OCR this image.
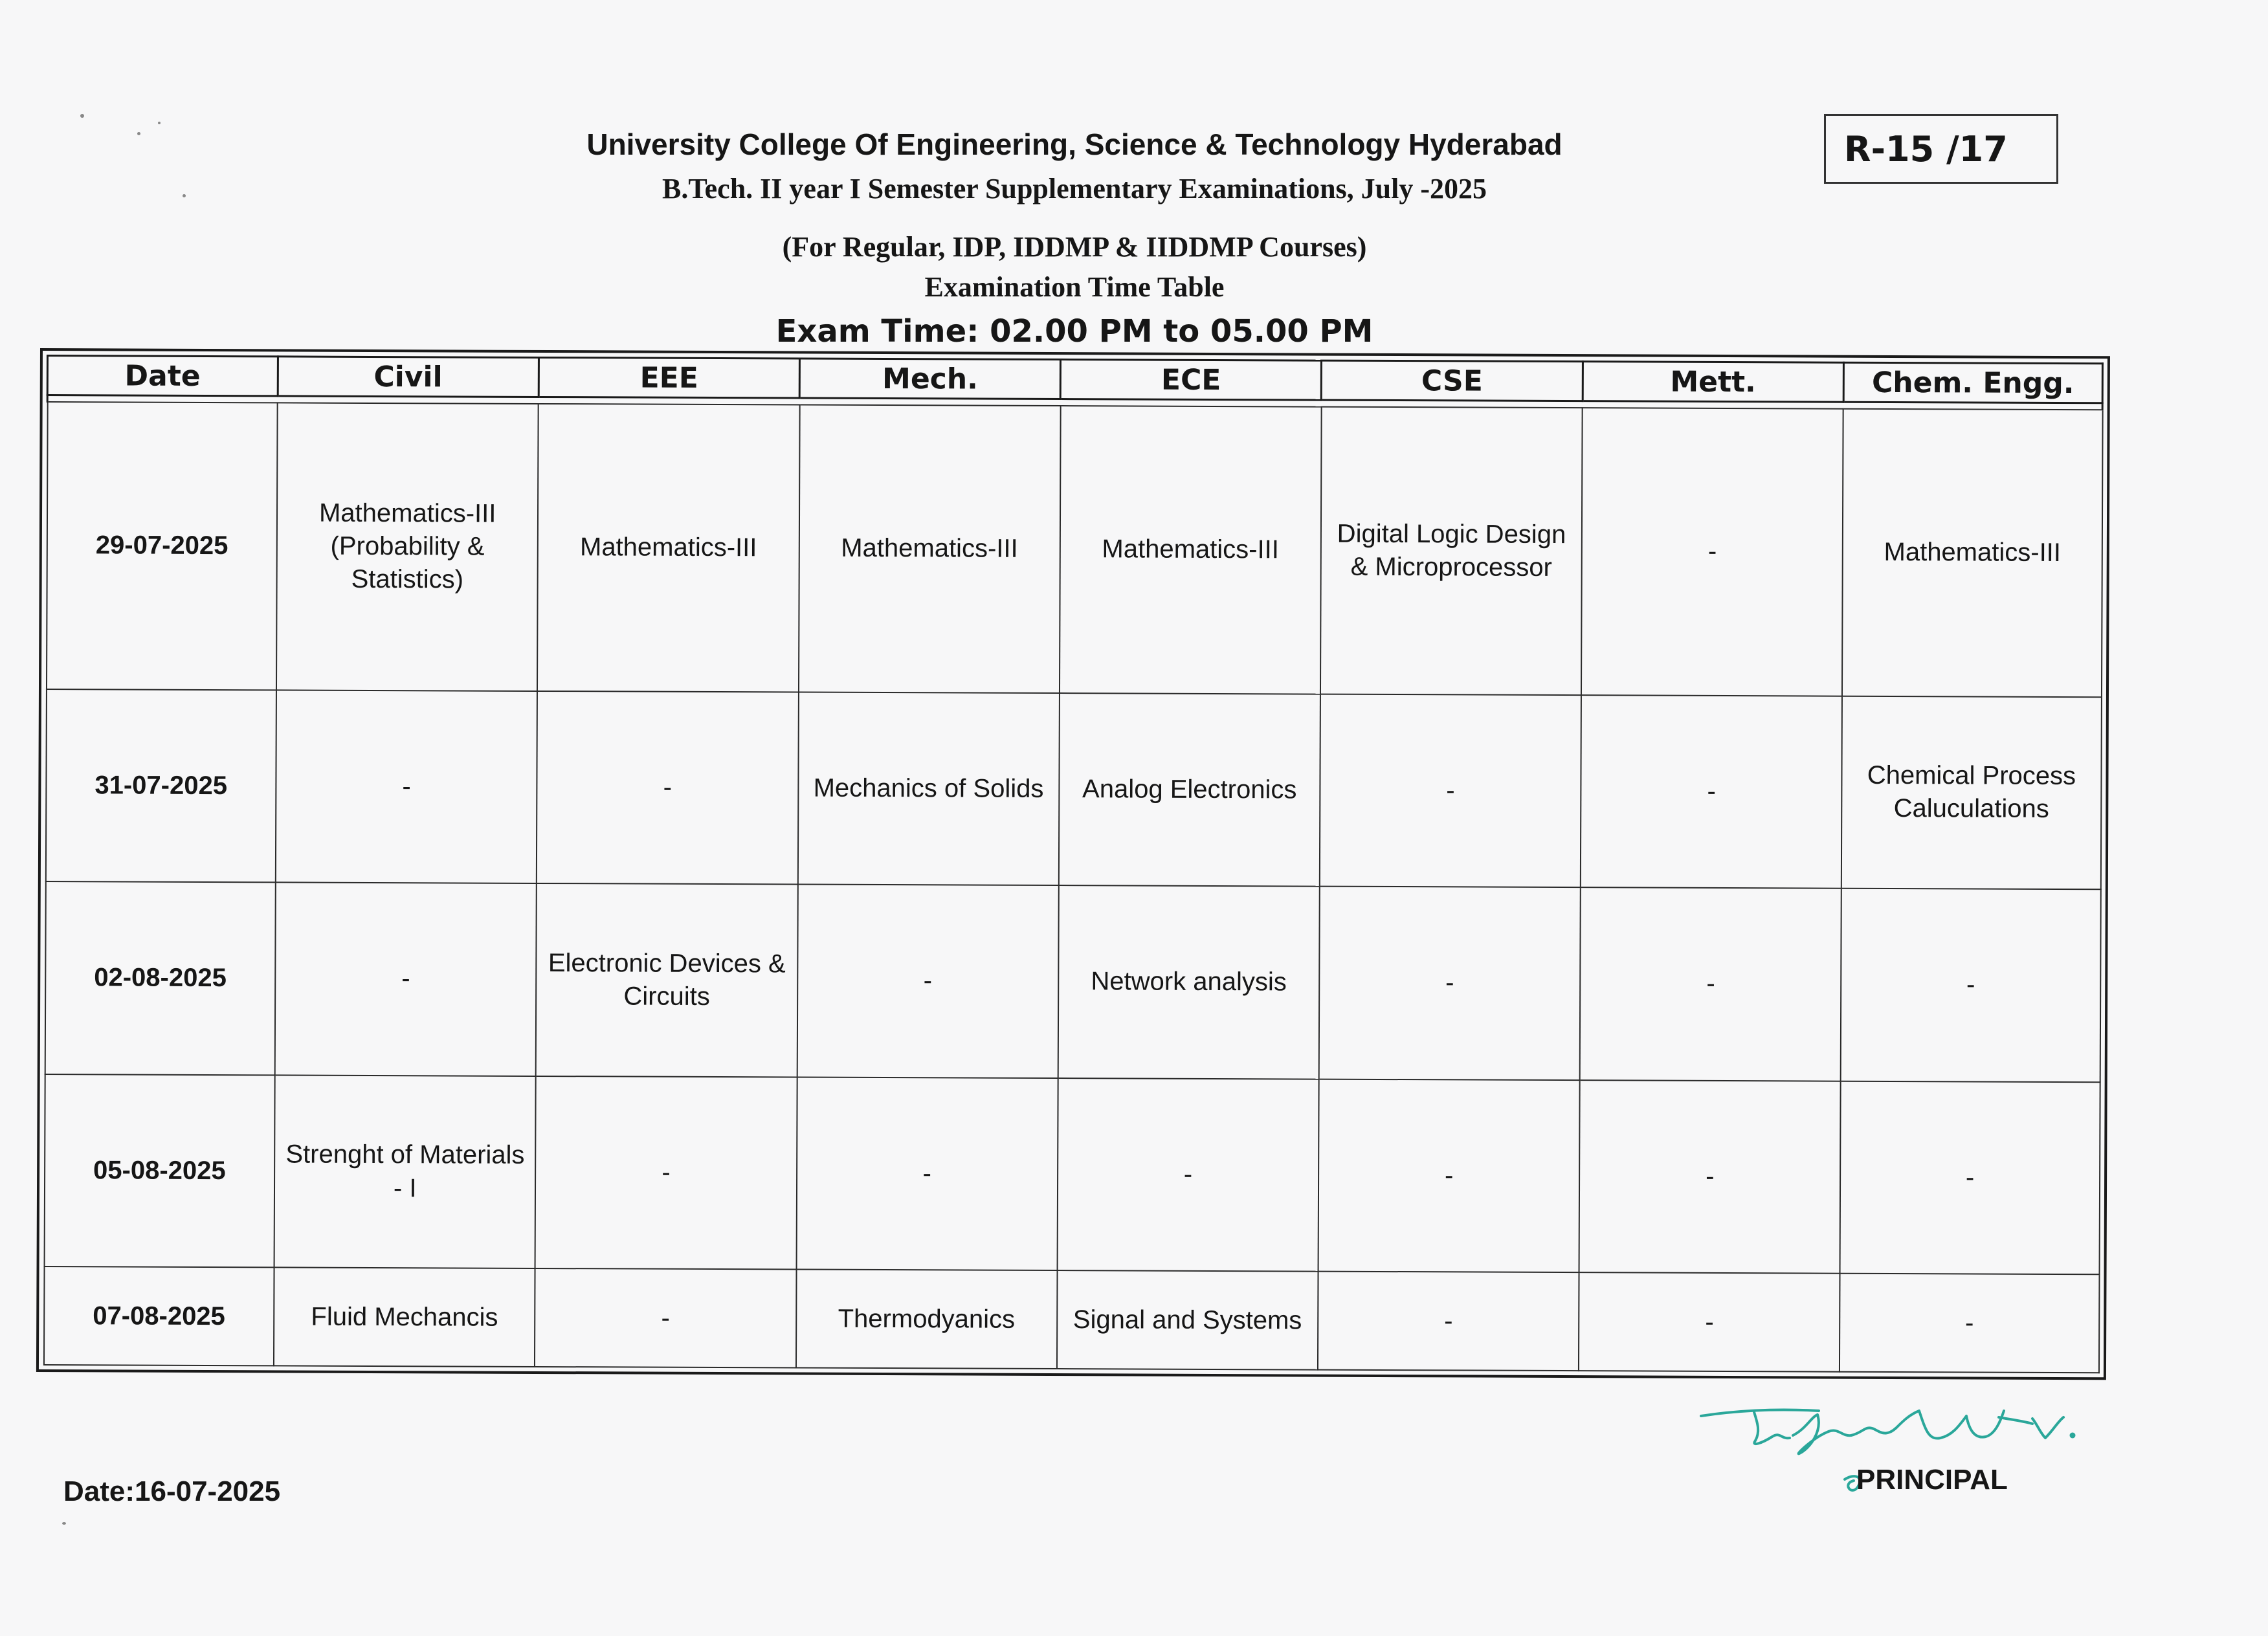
University College Of Engineering, Science & Technology Hyderabad
B.Tech. II year I Semester Supplementary Examinations, July -2025
(For Regular, IDP, IDDMP & IIDDMP Courses)
Examination Time Table
Exam Time: 02.00 PM to 05.00 PM
R-15 /17
Date	Civil	EEE	Mech.	ECE	CSE	Mett.	Chem. Engg.

29-07-2025	Mathematics-III (Probability & Statistics)	Mathematics-III	Mathematics-III	Mathematics-III	Digital Logic Design & Microprocessor	-	Mathematics-III
31-07-2025	-	-	Mechanics of Solids	Analog Electronics	-	-	Chemical Process Caluculations
02-08-2025	-	Electronic Devices & Circuits	-	Network analysis	-	-	-
05-08-2025	Strenght of Materials - I	-	-	-	-	-	-
07-08-2025	Fluid Mechancis	-	Thermodyanics	Signal and Systems	-	-	-
Date:16-07-2025	PRINCIPAL
